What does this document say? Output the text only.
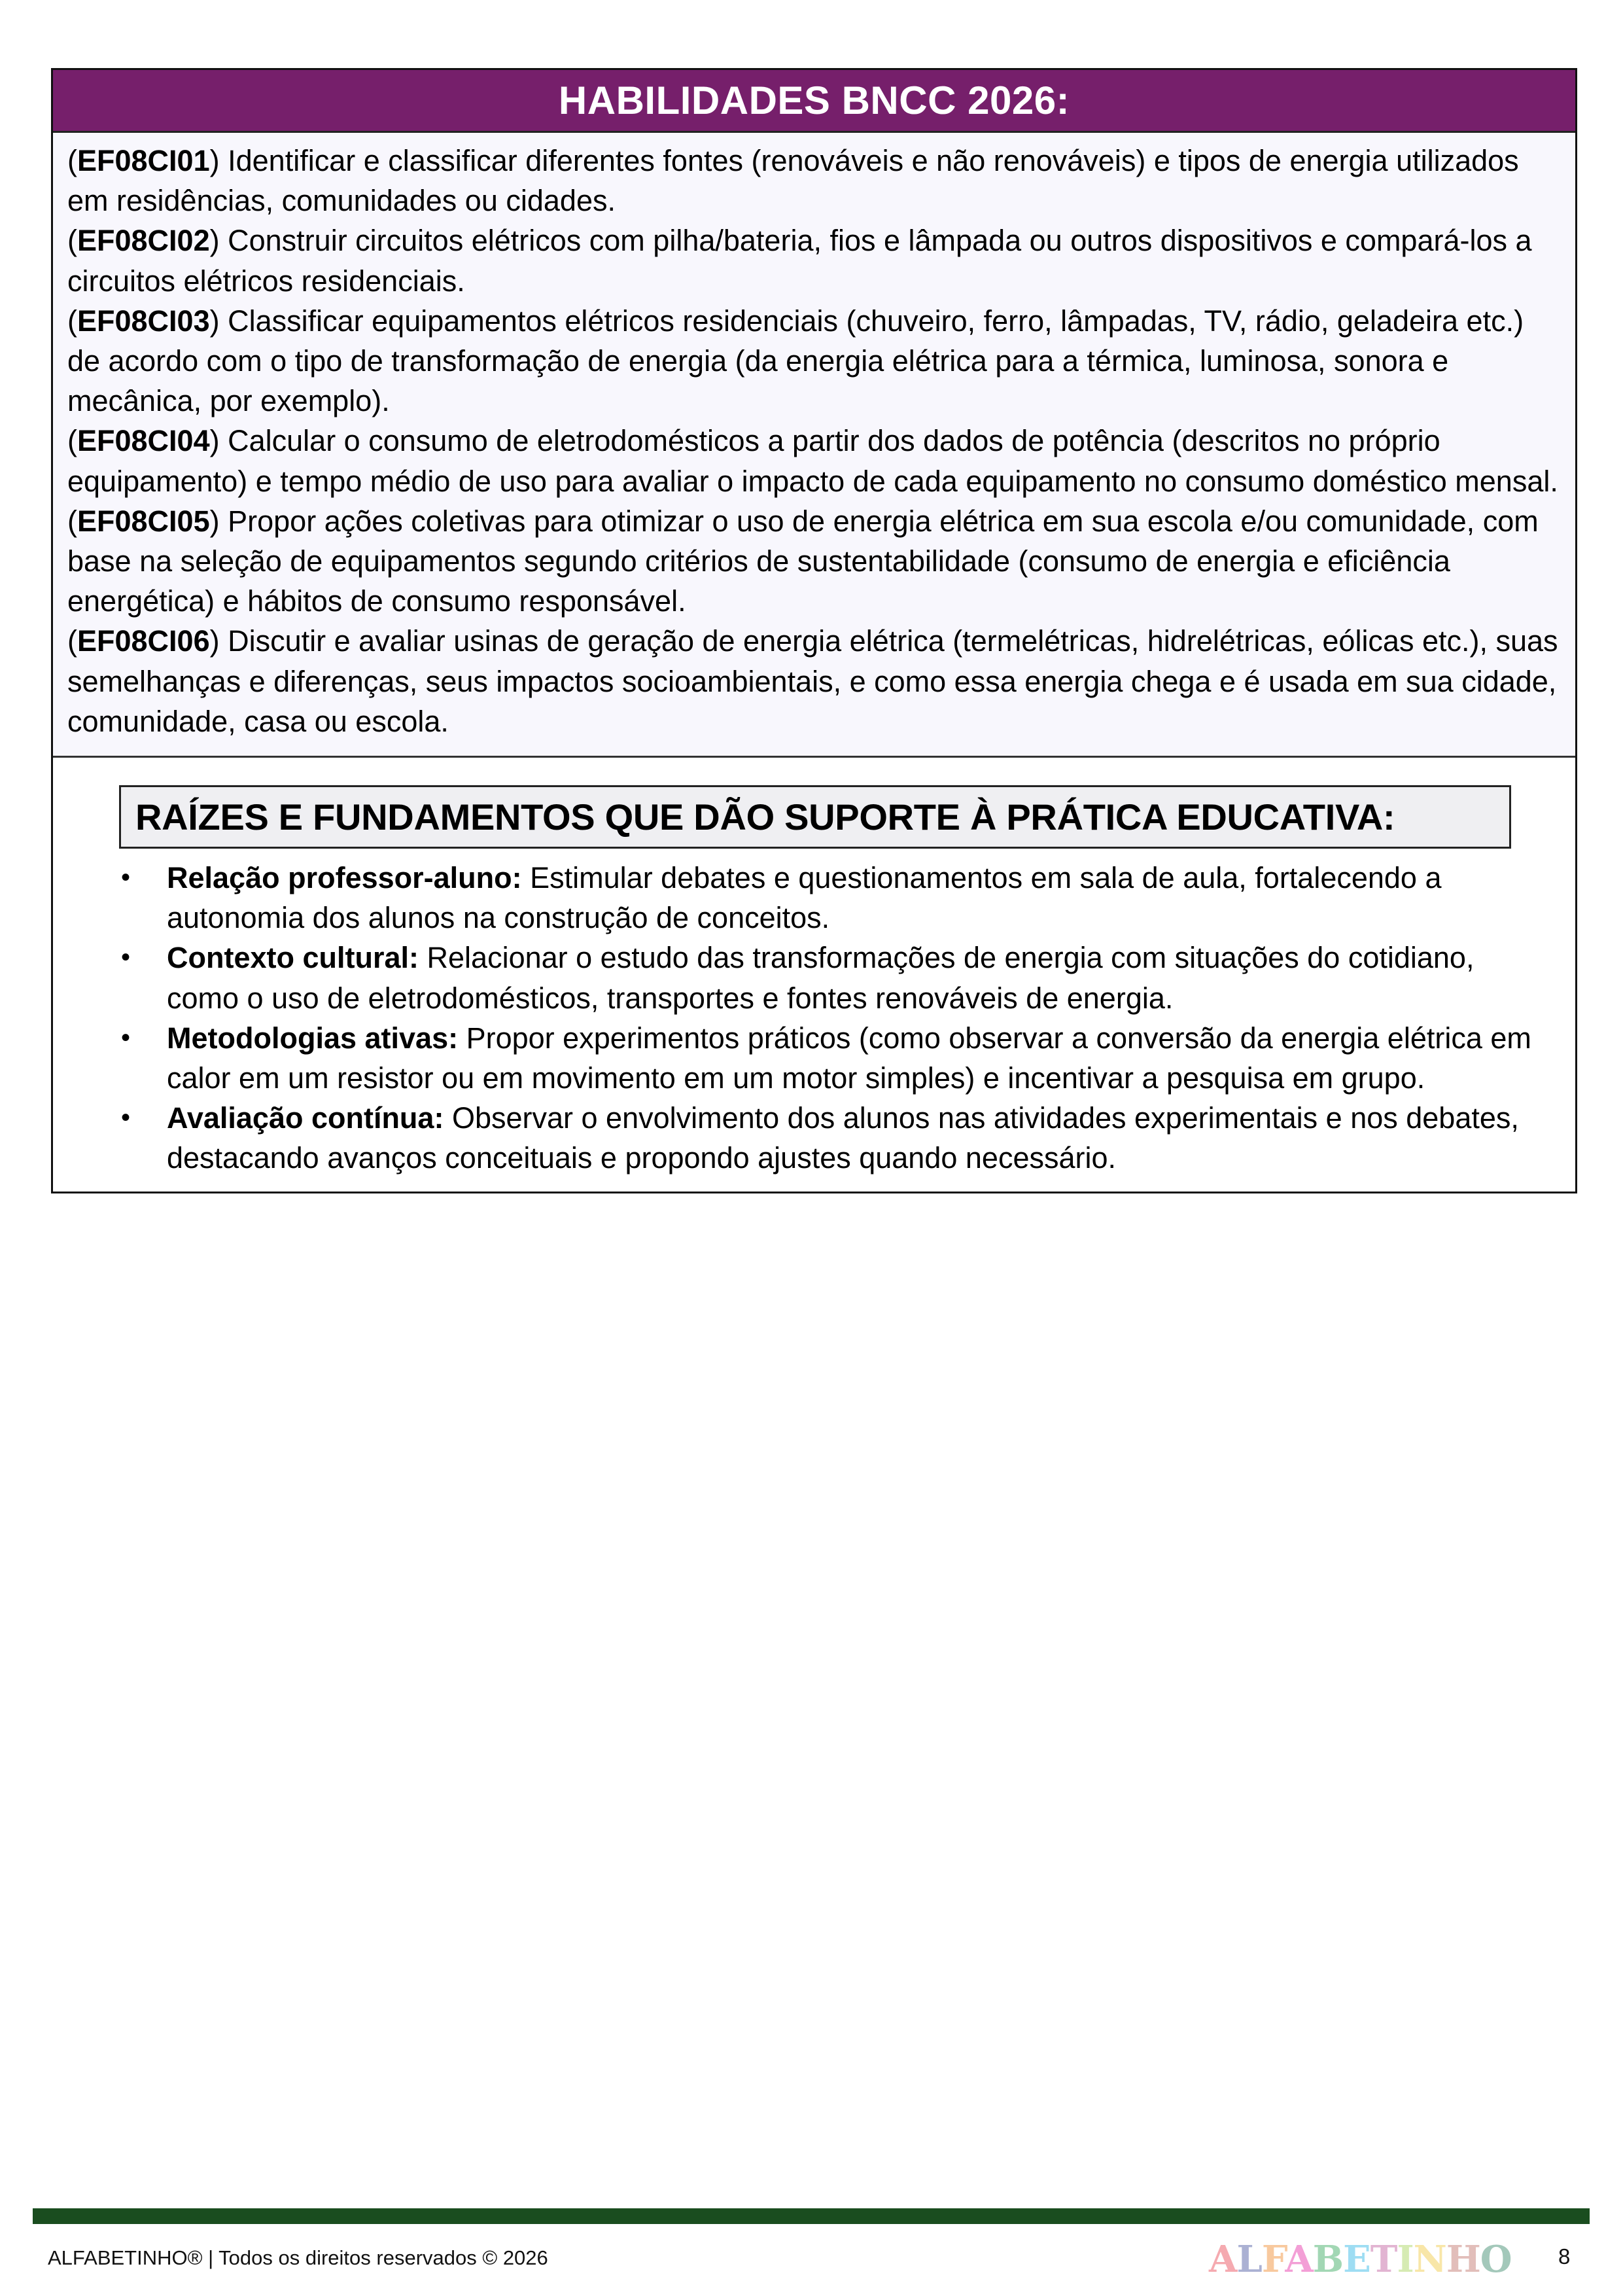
HABILIDADES BNCC 2026:

(EF08CI01) Identificar e classificar diferentes fontes (renováveis e não renováveis) e tipos de energia utilizados em residências, comunidades ou cidades.

(EF08CI02) Construir circuitos elétricos com pilha/bateria, fios e lâmpada ou outros dispositivos e compará-los a circuitos elétricos residenciais.

(EF08CI03) Classificar equipamentos elétricos residenciais (chuveiro, ferro, lâmpadas, TV, rádio, geladeira etc.) de acordo com o tipo de transformação de energia (da energia elétrica para a térmica, luminosa, sonora e mecânica, por exemplo).

(EF08CI04) Calcular o consumo de eletrodomésticos a partir dos dados de potência (descritos no próprio equipamento) e tempo médio de uso para avaliar o impacto de cada equipamento no consumo doméstico mensal.

(EF08CI05) Propor ações coletivas para otimizar o uso de energia elétrica em sua escola e/ou comunidade, com base na seleção de equipamentos segundo critérios de sustentabilidade (consumo de energia e eficiência energética) e hábitos de consumo responsável.

(EF08CI06) Discutir e avaliar usinas de geração de energia elétrica (termelétricas, hidrelétricas, eólicas etc.), suas semelhanças e diferenças, seus impactos socioambientais, e como essa energia chega e é usada em sua cidade, comunidade, casa ou escola.

RAÍZES E FUNDAMENTOS QUE DÃO SUPORTE À PRÁTICA EDUCATIVA:
• Relação professor-aluno: Estimular debates e questionamentos em sala de aula, fortalecendo a autonomia dos alunos na construção de conceitos.
• Contexto cultural: Relacionar o estudo das transformações de energia com situações do cotidiano, como o uso de eletrodomésticos, transportes e fontes renováveis de energia.
• Metodologias ativas: Propor experimentos práticos (como observar a conversão da energia elétrica em calor em um resistor ou em movimento em um motor simples) e incentivar a pesquisa em grupo.
• Avaliação contínua: Observar o envolvimento dos alunos nas atividades experimentais e nos debates, destacando avanços conceituais e propondo ajustes quando necessário.
ALFABETINHO® | Todos os direitos reservados © 2026	ALFABETINHO 8
